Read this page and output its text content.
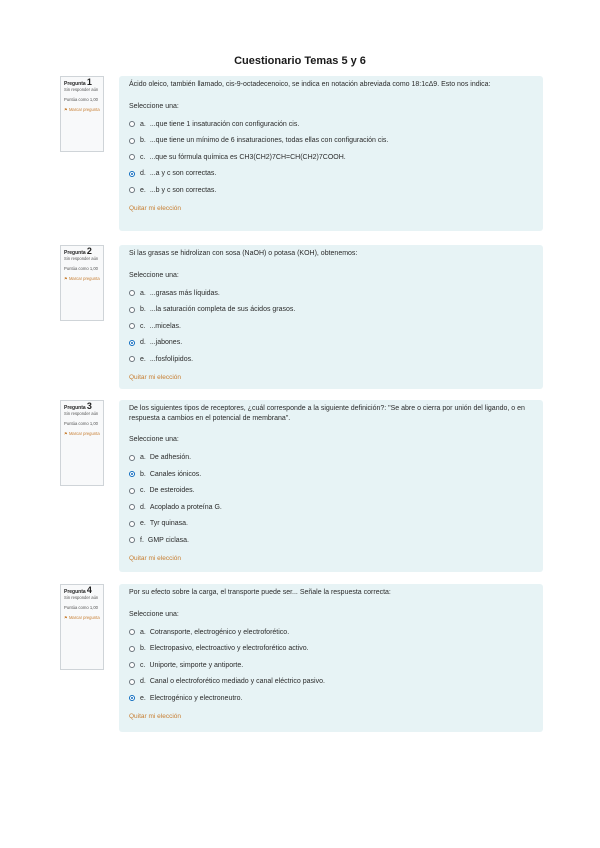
Cuestionario Temas 5 y 6
Pregunta 1
Sin responder aún
Puntúa como 1,00
⚑ Marcar pregunta
Ácido oleico, también llamado, cis-9-octadecenoico, se indica en notación abreviada como 18:1cΔ9. Esto nos indica:
Seleccione una:
a. ...que tiene 1 insaturación con configuración cis.
b. ...que tiene un mínimo de 6 insaturaciones, todas ellas con configuración cis.
c. ...que su fórmula química es CH3(CH2)7CH=CH(CH2)7COOH.
d. ...a y c son correctas.
e. ...b y c son correctas.
Quitar mi elección
Pregunta 2
Sin responder aún
Puntúa como 1,00
⚑ Marcar pregunta
Si las grasas se hidrolizan con sosa (NaOH) o potasa (KOH), obtenemos:
Seleccione una:
a. ...grasas más líquidas.
b. ...la saturación completa de sus ácidos grasos.
c. ...micelas.
d. ...jabones.
e. ...fosfolípidos.
Quitar mi elección
Pregunta 3
Sin responder aún
Puntúa como 1,00
⚑ Marcar pregunta
De los siguientes tipos de receptores, ¿cuál corresponde a la siguiente definición?: "Se abre o cierra por unión del ligando, o en respuesta a cambios en el potencial de membrana".
Seleccione una:
a. De adhesión.
b. Canales iónicos.
c. De esteroides.
d. Acoplado a proteína G.
e. Tyr quinasa.
f. GMP ciclasa.
Quitar mi elección
Pregunta 4
Sin responder aún
Puntúa como 1,00
⚑ Marcar pregunta
Por su efecto sobre la carga, el transporte puede ser... Señale la respuesta correcta:
Seleccione una:
a. Cotransporte, electrogénico y electroforético.
b. Electropasivo, electroactivo y electroforético activo.
c. Uniporte, simporte y antiporte.
d. Canal o electroforético mediado y canal eléctrico pasivo.
e. Electrogénico y electroneutro.
Quitar mi elección
